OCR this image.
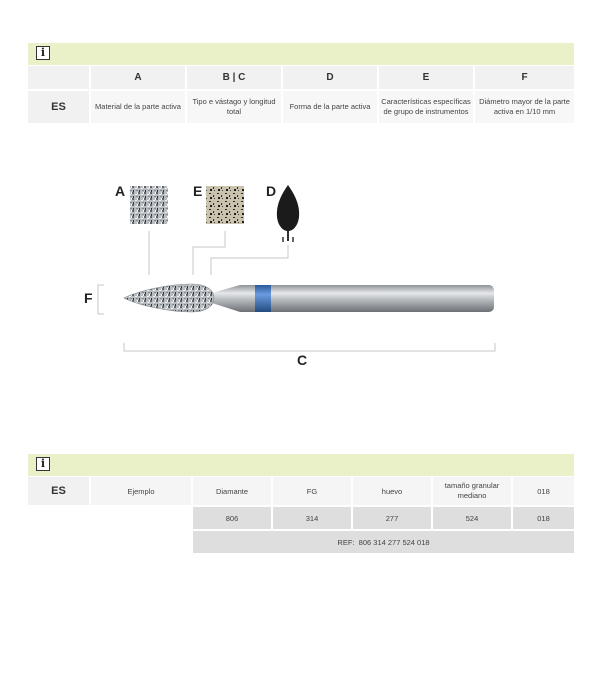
i
	A	B | C	D	E	F
ES	Material de la parte activa	Tipo e vástago y longitud total	Forma de la parte activa	Características específicas de grupo de instrumentos	Diámetro mayor de la parte activa en 1/10 mm
A	E	D
F
C
i
ES	Ejemplo	Diamante	FG	huevo	tamaño granular mediano	018
		806	314	277	524	018
		REF: 806 314 277 524 018				
